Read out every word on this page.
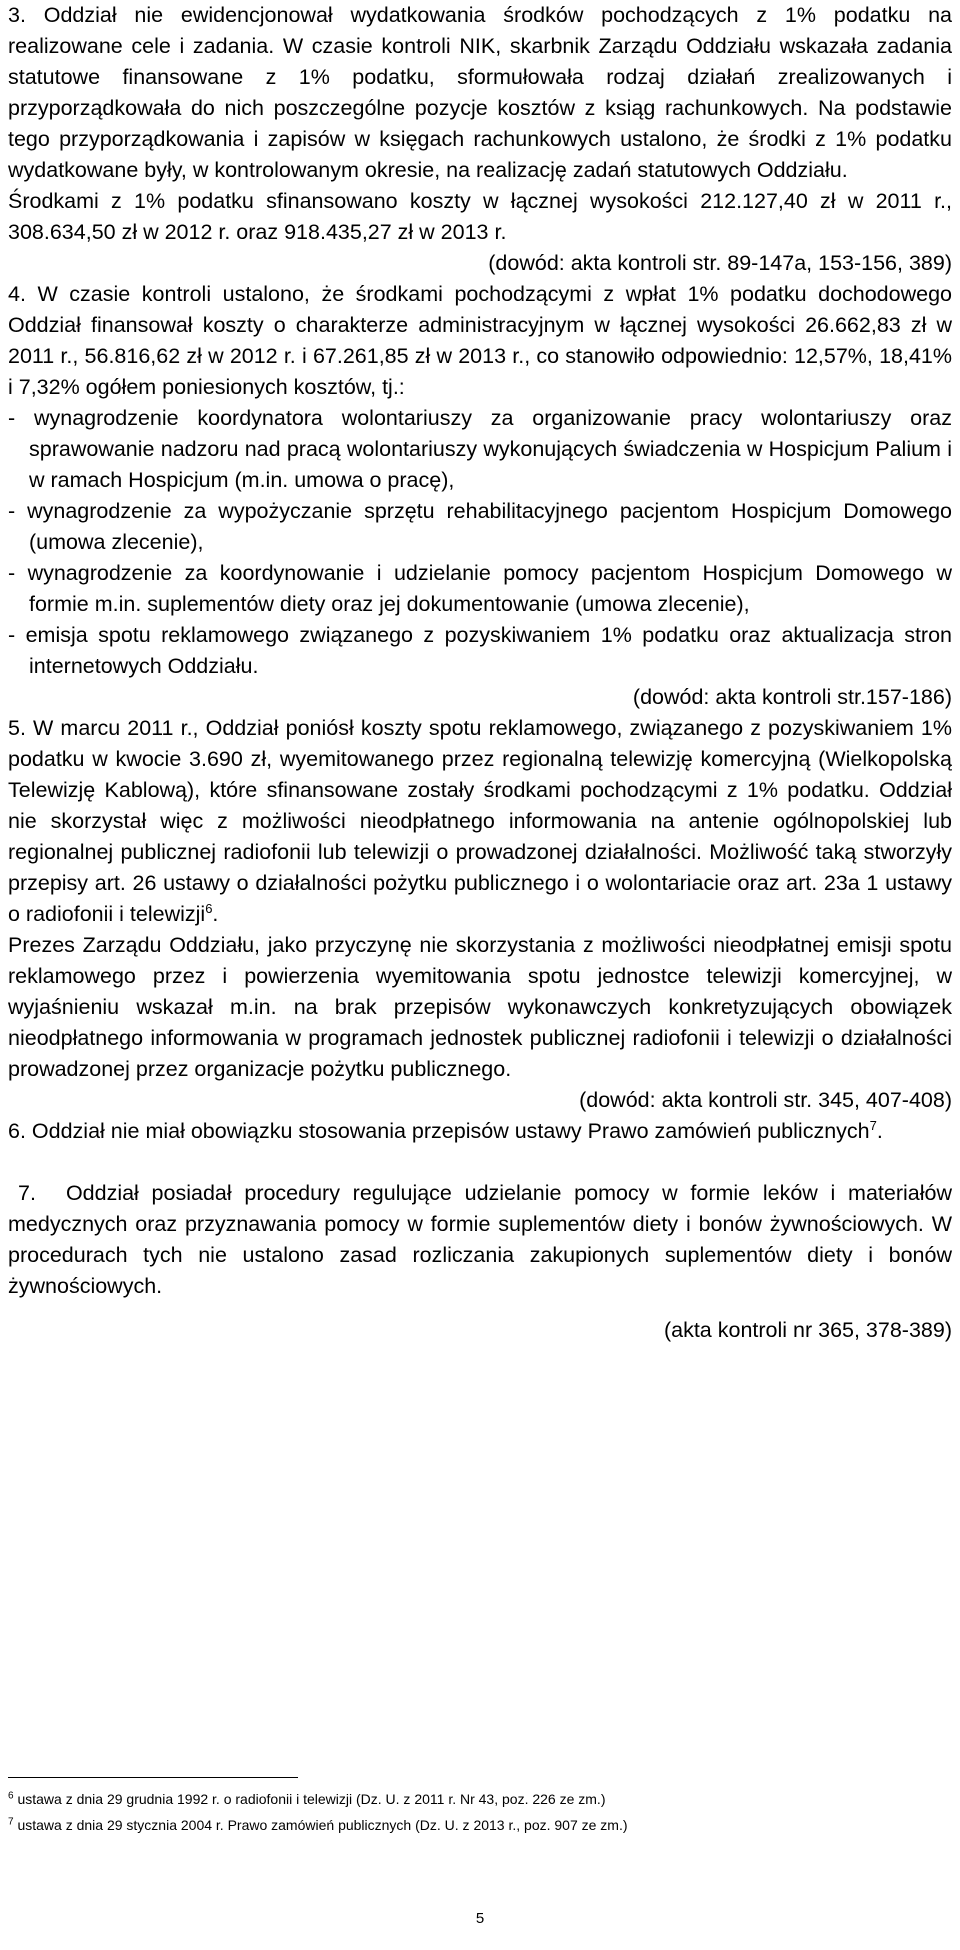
3. Oddział nie ewidencjonował wydatkowania środków pochodzących z 1% podatku na realizowane cele i zadania. W czasie kontroli NIK, skarbnik Zarządu Oddziału wskazała zadania statutowe finansowane z 1% podatku, sformułowała rodzaj działań zrealizowanych i przyporządkowała do nich poszczególne pozycje kosztów z ksiąg rachunkowych. Na podstawie tego przyporządkowania i zapisów w księgach rachunkowych ustalono, że środki z 1% podatku wydatkowane były, w kontrolowanym okresie, na realizację zadań statutowych Oddziału.

Środkami z 1% podatku sfinansowano koszty w łącznej wysokości 212.127,40 zł w 2011 r., 308.634,50 zł w 2012 r. oraz 918.435,27 zł w 2013 r.

(dowód: akta kontroli str. 89-147a, 153-156, 389)

4. W czasie kontroli ustalono, że środkami pochodzącymi z wpłat 1% podatku dochodowego Oddział finansował koszty o charakterze administracyjnym w łącznej wysokości 26.662,83 zł w 2011 r., 56.816,62 zł w 2012 r. i 67.261,85 zł w 2013 r., co stanowiło odpowiednio: 12,57%, 18,41% i 7,32% ogółem poniesionych kosztów, tj.:

- wynagrodzenie koordynatora wolontariuszy za organizowanie pracy wolontariuszy oraz sprawowanie nadzoru nad pracą wolontariuszy wykonujących świadczenia w Hospicjum Palium i w ramach Hospicjum (m.in. umowa o pracę),

- wynagrodzenie za wypożyczanie sprzętu rehabilitacyjnego pacjentom Hospicjum Domowego (umowa zlecenie),

- wynagrodzenie za koordynowanie i udzielanie pomocy pacjentom Hospicjum Domowego w formie m.in. suplementów diety oraz jej dokumentowanie (umowa zlecenie),

- emisja spotu reklamowego związanego z pozyskiwaniem 1% podatku oraz aktualizacja stron internetowych Oddziału.

(dowód: akta kontroli str.157-186)

5. W marcu 2011 r., Oddział poniósł koszty spotu reklamowego, związanego z pozyskiwaniem 1% podatku w kwocie 3.690 zł, wyemitowanego przez regionalną telewizję komercyjną (Wielkopolską Telewizję Kablową), które sfinansowane zostały środkami pochodzącymi z 1% podatku. Oddział nie skorzystał więc z możliwości nieodpłatnego informowania na antenie ogólnopolskiej lub regionalnej publicznej radiofonii lub telewizji o prowadzonej działalności. Możliwość taką stworzyły przepisy art. 26 ustawy o działalności pożytku publicznego i o wolontariacie oraz art. 23a 1 ustawy o radiofonii i telewizji$^6$.

Prezes Zarządu Oddziału, jako przyczynę nie skorzystania z możliwości nieodpłatnej emisji spotu reklamowego przez i powierzenia wyemitowania spotu jednostce telewizji komercyjnej, w wyjaśnieniu wskazał m.in. na brak przepisów wykonawczych konkretyzujących obowiązek nieodpłatnego informowania w programach jednostek publicznej radiofonii i telewizji o działalności prowadzonej przez organizacje pożytku publicznego.

(dowód: akta kontroli str. 345, 407-408)

6. Oddział nie miał obowiązku stosowania przepisów ustawy Prawo zamówień publicznych$^7$.

7. Oddział posiadał procedury regulujące udzielanie pomocy w formie leków i materiałów medycznych oraz przyznawania pomocy w formie suplementów diety i bonów żywnościowych. W procedurach tych nie ustalono zasad rozliczania zakupionych suplementów diety i bonów żywnościowych.

(akta kontroli nr 365, 378-389)

$^6$ ustawa z dnia 29 grudnia 1992 r. o radiofonii i telewizji (Dz. U. z 2011 r. Nr 43, poz. 226 ze zm.)

$^7$ ustawa z dnia 29 stycznia 2004 r. Prawo zamówień publicznych (Dz. U. z 2013 r., poz. 907 ze zm.)

5
